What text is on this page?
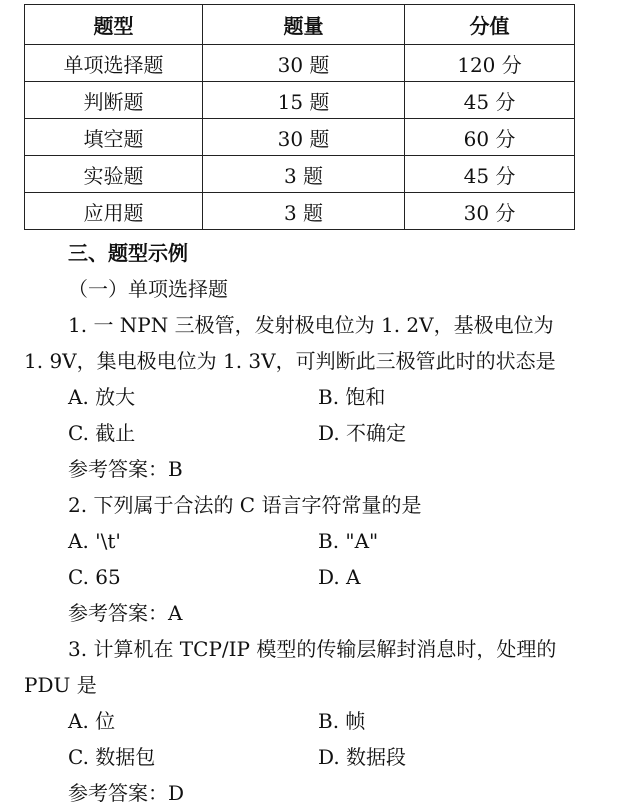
题型	题量	分值
单项选择题	30 题	120 分
判断题	15 题	45 分
填空题	30 题	60 分
实验题	3 题	45 分
应用题	3 题	30 分
三、题型示例
（一）单项选择题
1. 一 NPN 三极管，发射极电位为 1. 2V，基极电位为
1. 9V，集电极电位为 1. 3V，可判断此三极管此时的状态是
A. 放大	B. 饱和
C. 截止	D. 不确定
参考答案：B
2. 下列属于合法的 C 语言字符常量的是
A. '\t'	B. "A"
C. 65	D. A
参考答案：A
3. 计算机在 TCP/IP 模型的传输层解封消息时，处理的
PDU 是
A. 位	B. 帧
C. 数据包	D. 数据段
参考答案：D
